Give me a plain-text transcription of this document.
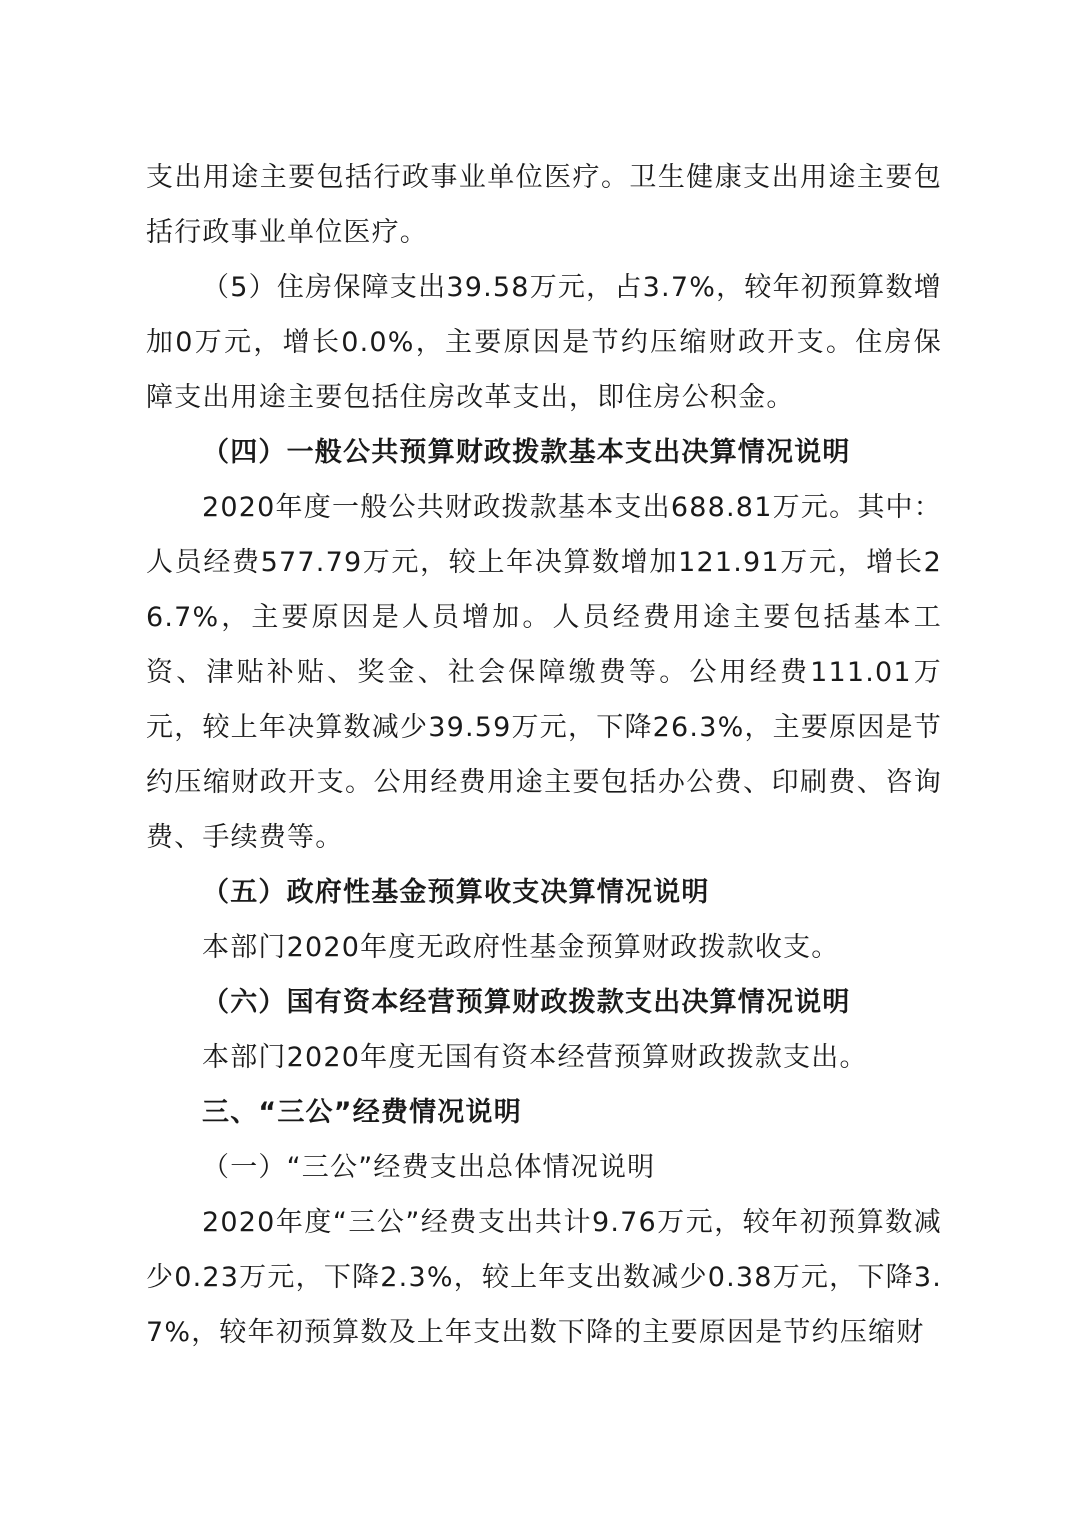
支出用途主要包括行政事业单位医疗。卫生健康支出用途主要包括行政事业单位医疗。

（5）住房保障支出39.58万元，占3.7%，较年初预算数增加0万元，增长0.0%，主要原因是节约压缩财政开支。住房保障支出用途主要包括住房改革支出，即住房公积金。

（四）一般公共预算财政拨款基本支出决算情况说明

2020年度一般公共财政拨款基本支出688.81万元。其中：人员经费577.79万元，较上年决算数增加121.91万元，增长26.7%，主要原因是人员增加。人员经费用途主要包括基本工资、津贴补贴、奖金、社会保障缴费等。公用经费111.01万元，较上年决算数减少39.59万元，下降26.3%，主要原因是节约压缩财政开支。公用经费用途主要包括办公费、印刷费、咨询费、手续费等。

（五）政府性基金预算收支决算情况说明

本部门2020年度无政府性基金预算财政拨款收支。

（六）国有资本经营预算财政拨款支出决算情况说明

本部门2020年度无国有资本经营预算财政拨款支出。

三、“三公”经费情况说明

（一）“三公”经费支出总体情况说明

2020年度“三公”经费支出共计9.76万元，较年初预算数减少0.23万元，下降2.3%，较上年支出数减少0.38万元，下降3.7%，较年初预算数及上年支出数下降的主要原因是节约压缩财
